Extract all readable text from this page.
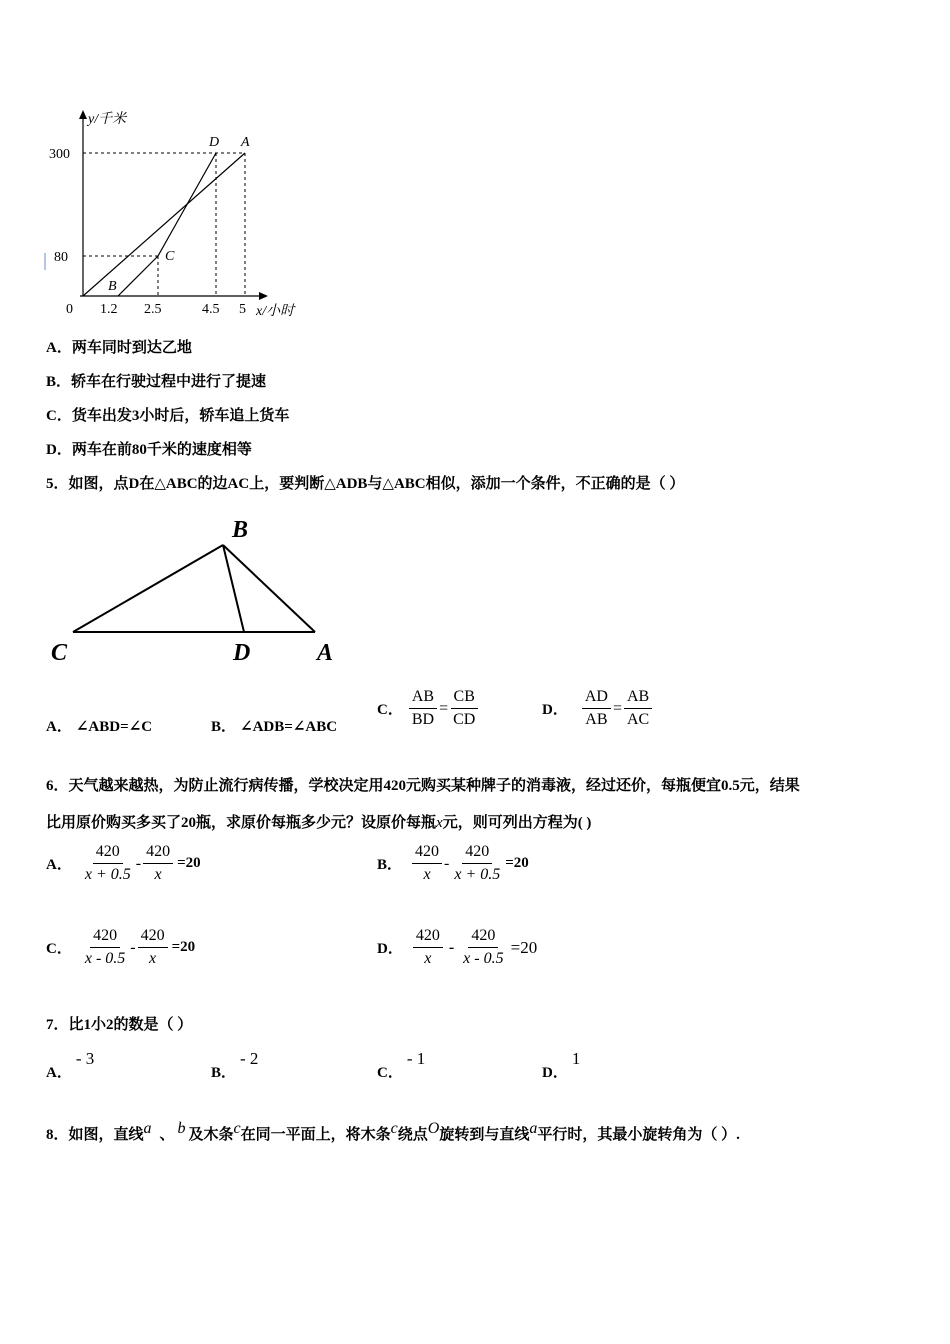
y/千米
x/小时
300
80
0 1.2 2.5	4.5 5
D A
C
B
A．两车同时到达乙地
B．轿车在行驶过程中进行了提速
C．货车出发3小时后，轿车追上货车
D．两车在前80千米的速度相等
5．如图，点D在△ABC的边AC上，要判断△ADB与△ABC相似，添加一个条件，不正确的是（ ）
B
C	D	A
A． ∠ABD=∠C	B． ∠ADB=∠ABC
C． $\frac{AB}{BD} = \frac{CB}{CD}$	D． $\frac{AD}{AB} = \frac{AB}{AC}$
6．天气越来越热，为防止流行病传播，学校决定用420元购买某种牌子的消毒液，经过还价，每瓶便宜0.5元，结果
比用原价购买多买了20瓶，求原价每瓶多少元？设原价每瓶x元，则可列出方程为( )
A． $\frac{420}{x + 0.5} - \frac{420}{x} =20$	B． $\frac{420}{x} - \frac{420}{x + 0.5} =20$
C． $\frac{420}{x - 0.5} - \frac{420}{x} =20$	D． $\frac{420}{x} - \frac{420}{x - 0.5} =20$
7．比1小2的数是（ ）
A． - 3
B． - 2
C． - 1
D． 1
8．如图，直线$^a$ 、 $^b$ 及木条$^c$在同一平面上，将木条$^c$绕点$^O$旋转到与直线$^a$平行时，其最小旋转角为（ ）.
